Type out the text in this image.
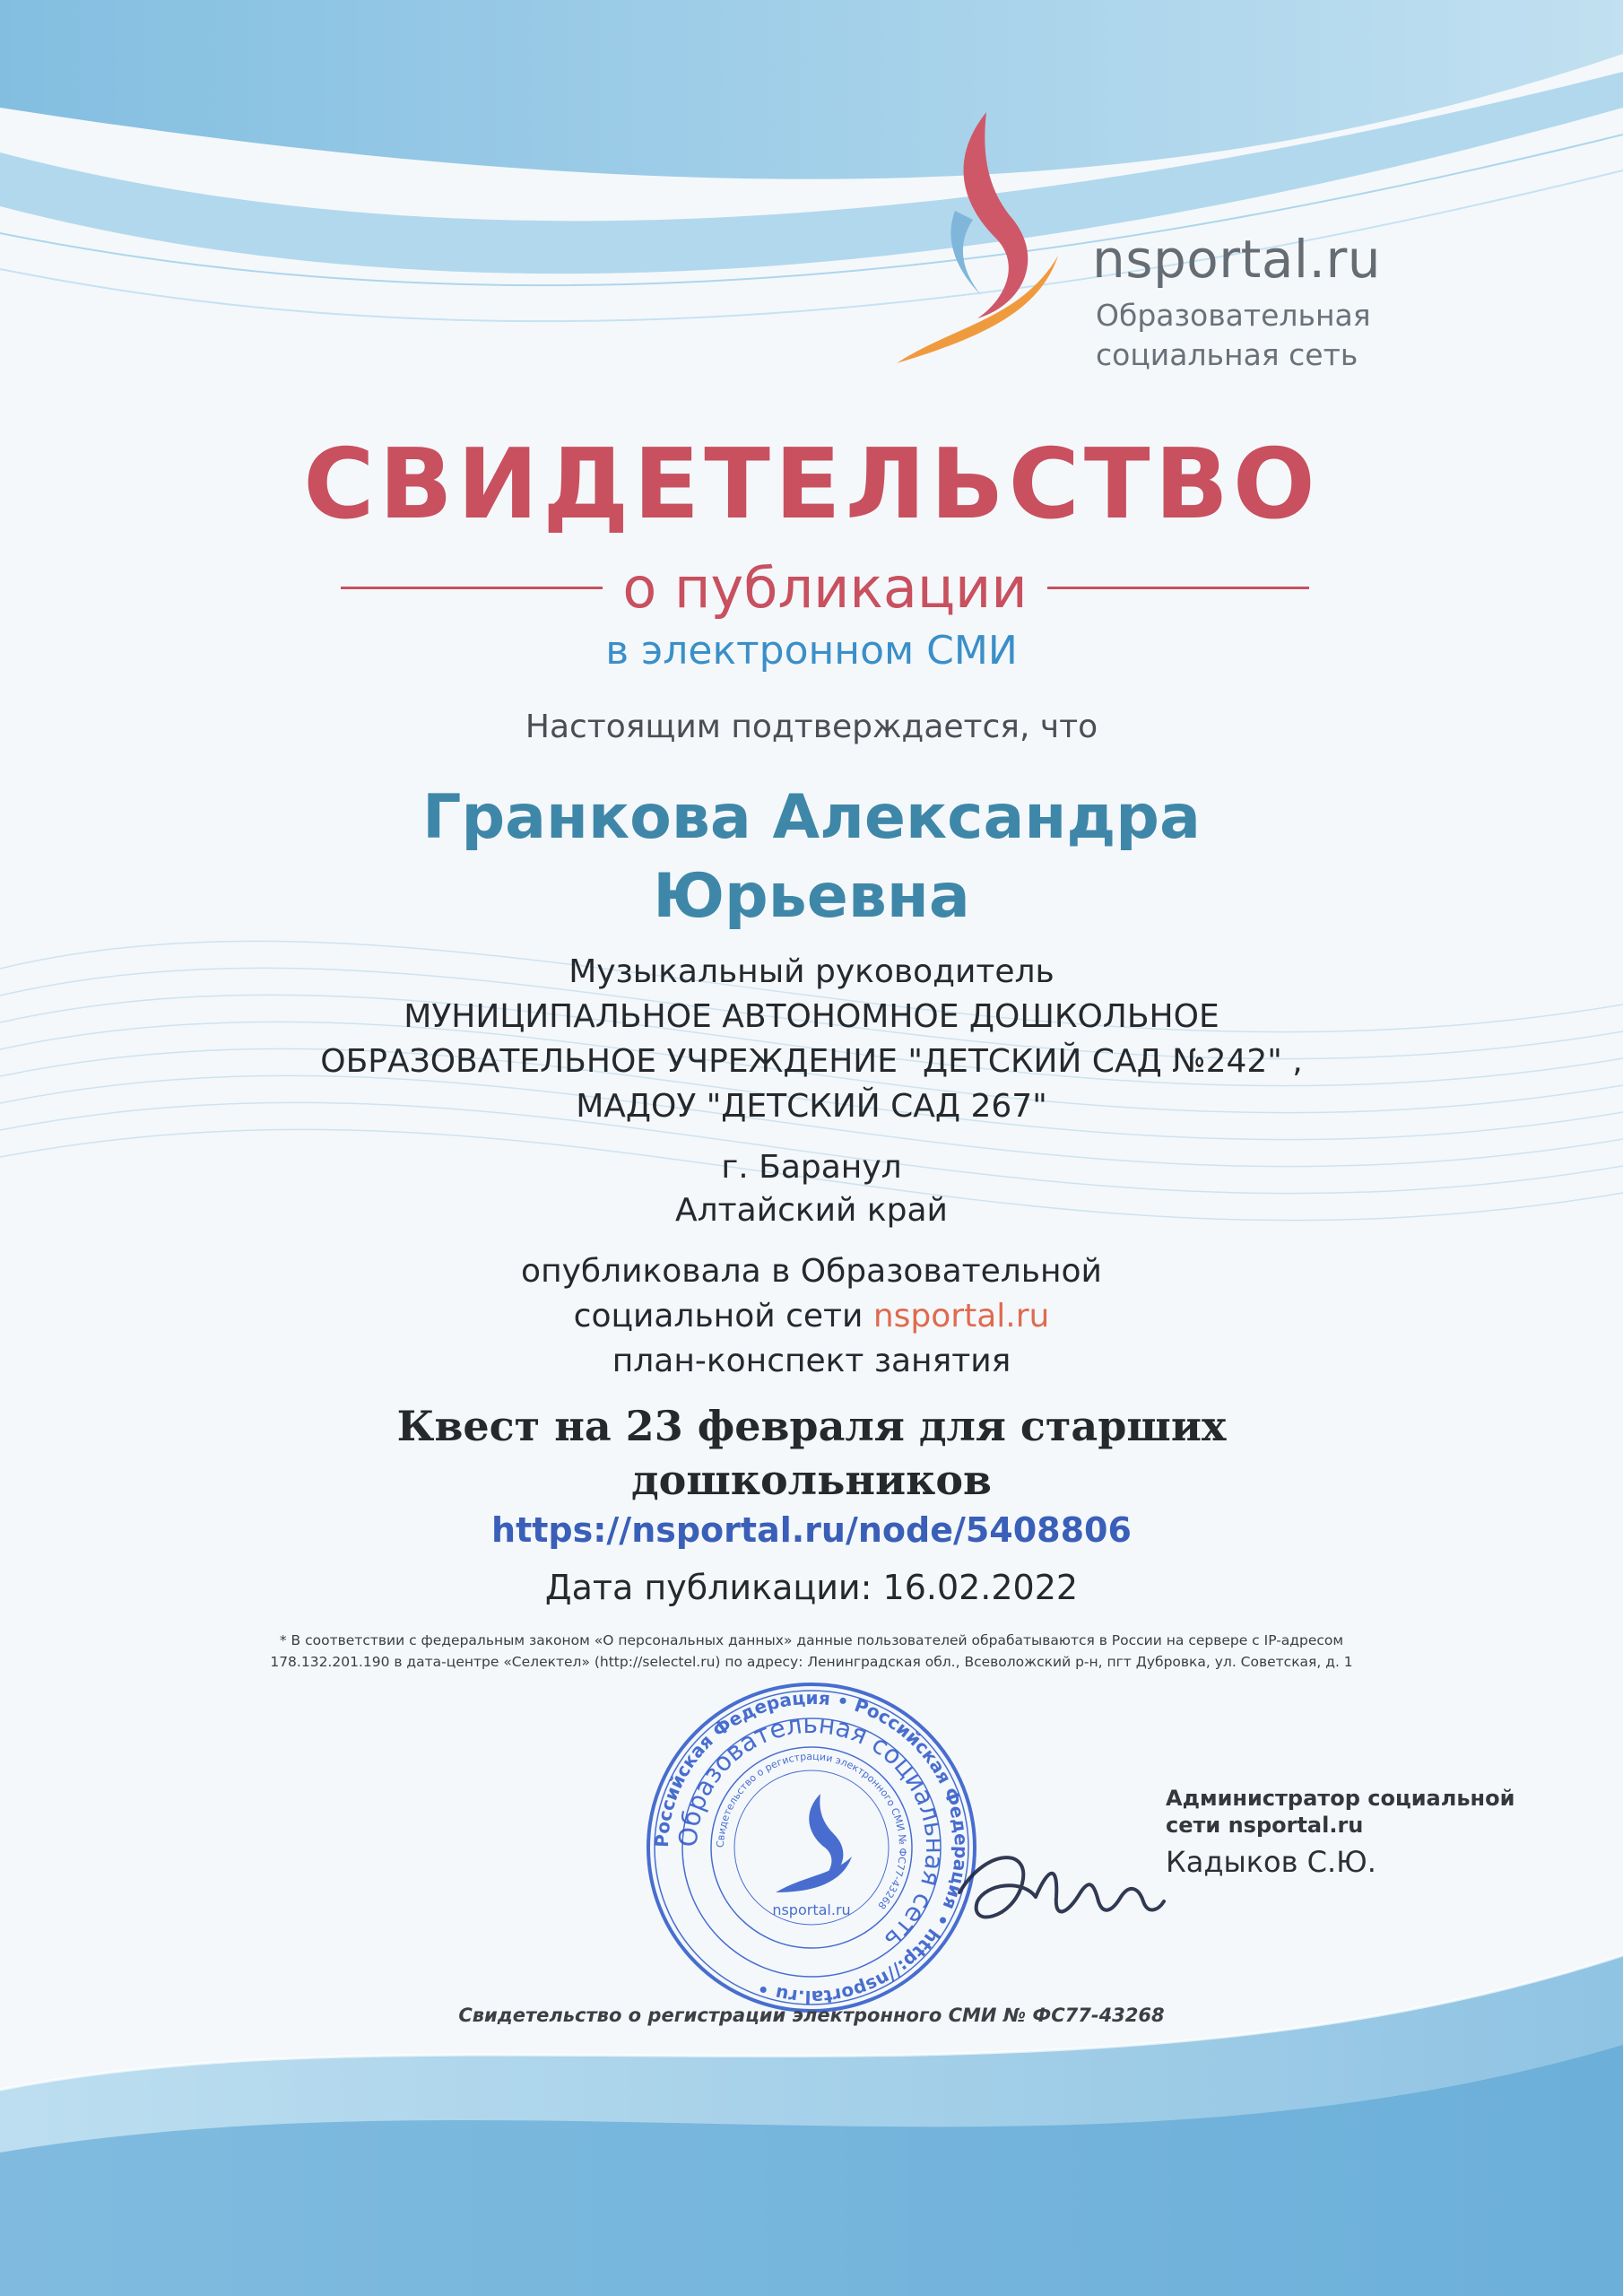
nsportal.ru
Образовательная
социальная сеть
СВИДЕТЕЛЬСТВО
о публикации
в электронном СМИ
Настоящим подтверждается, что
Гранкова Александра
Юрьевна
Музыкальный руководитель
МУНИЦИПАЛЬНОЕ АВТОНОМНОЕ ДОШКОЛЬНОЕ
ОБРАЗОВАТЕЛЬНОЕ УЧРЕЖДЕНИЕ "ДЕТСКИЙ САД №242" ,
МАДОУ "ДЕТСКИЙ САД 267"
г. Баранул
Алтайский край
опубликовала в Образовательной
социальной сети nsportal.ru
план-конспект занятия
Квест на 23 февраля для старших
дошкольников
https://nsportal.ru/node/5408806
Дата публикации: 16.02.2022
* В соответствии с федеральным законом «О персональных данных» данные пользователей обрабатываются в России на сервере с IP-адресом
178.132.201.190 в дата-центре «Селектел» (http://selectel.ru) по адресу: Ленинградская обл., Всеволожский р-н, пгт Дубровка, ул. Советская, д. 1
Российская Федерация • Российская Федерация • http://nsportal.ru •
Образовательная социальная сеть
Свидетельство о регистрации электронного СМИ № ФС77-43268
nsportal.ru
Администратор социальной
сети nsportal.ru
Кадыков С.Ю.
Свидетельство о регистрации электронного СМИ № ФС77-43268
